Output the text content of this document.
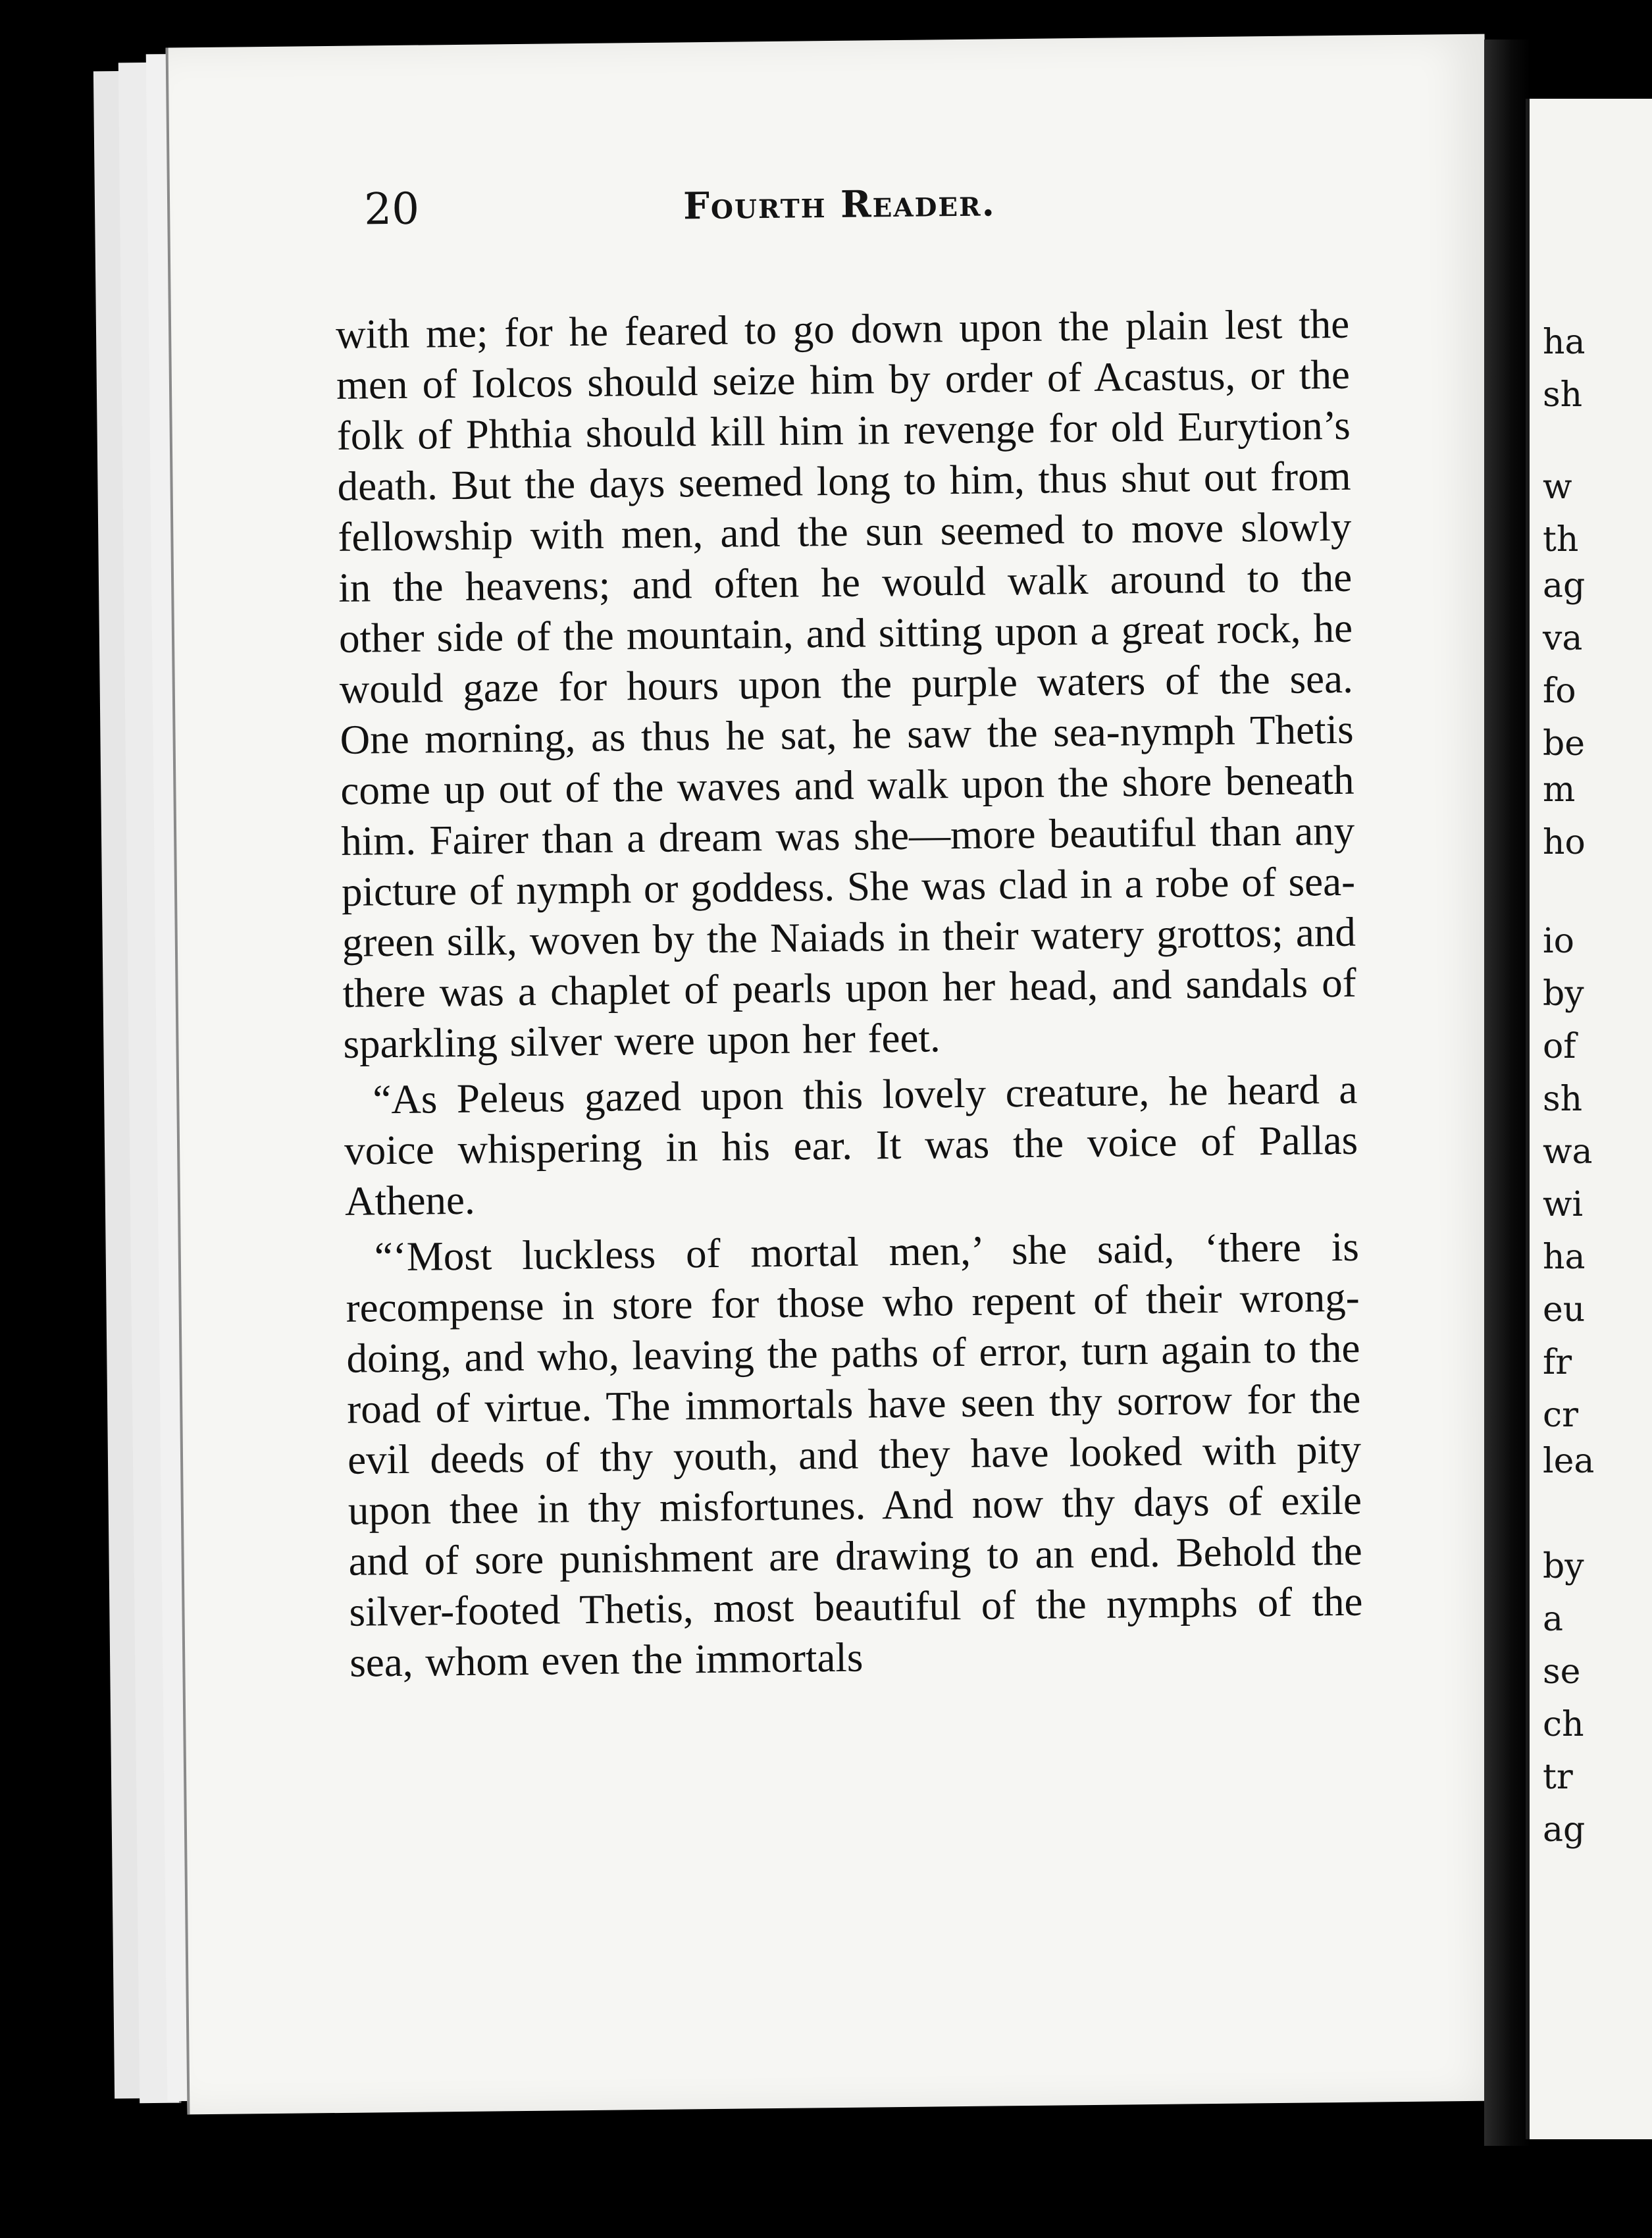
20	Fourth Reader.

with me; for he feared to go down upon the plain lest the men of Iolcos should seize him by order of Acastus, or the folk of Phthia should kill him in revenge for old Eurytion’s death. But the days seemed long to him, thus shut out from fellowship with men, and the sun seemed to move slowly in the heavens; and often he would walk around to the other side of the mountain, and sitting upon a great rock, he would gaze for hours upon the purple waters of the sea. One morning, as thus he sat, he saw the sea-nymph Thetis come up out of the waves and walk upon the shore beneath him. Fairer than a dream was she—more beautiful than any picture of nymph or goddess. She was clad in a robe of sea-green silk, woven by the Naiads in their watery grottos; and there was a chaplet of pearls upon her head, and sandals of sparkling silver were upon her feet.

“As Peleus gazed upon this lovely creature, he heard a voice whispering in his ear. It was the voice of Pallas Athene.

“‘Most luckless of mortal men,’ she said, ‘there is recompense in store for those who repent of their wrong-doing, and who, leaving the paths of error, turn again to the road of virtue. The immortals have seen thy sorrow for the evil deeds of thy youth, and they have looked with pity upon thee in thy misfortunes. And now thy days of exile and of sore punishment are drawing to an end. Behold the silver-footed Thetis, most beautiful of the nymphs of the sea, whom even the immortals

ha
sh
w
th
ag
va
fo
be
m
ho
io
by
of
sh
wa
wi
ha
eu
fr
cr
lea
by
a
se
ch
tr
ag
